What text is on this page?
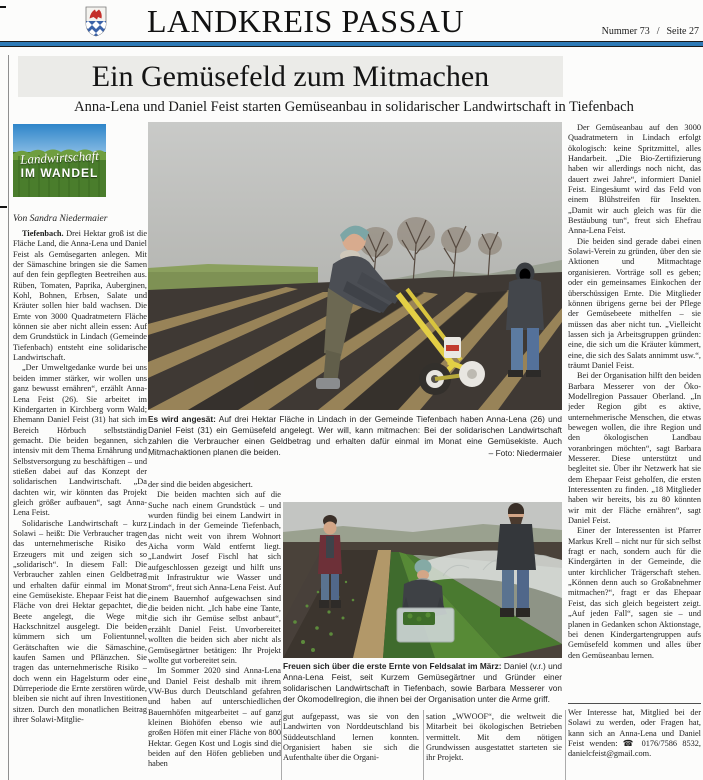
LANDKREIS PASSAU	Nummer 73 / Seite 27
Ein Gemüsefeld zum Mitmachen
Anna-Lena und Daniel Feist starten Gemüseanbau in solidarischer Landwirtschaft in Tiefenbach
Landwirtschaft
IM WANDEL
Von Sandra Niedermaier

Tiefenbach. Drei Hektar groß ist die Fläche Land, die Anna-Lena und Daniel Feist als Gemüsegarten anlegen. Mit der Sämaschine bringen sie die Samen auf den fein gepflegten Beetreihen aus. Rüben, Tomaten, Paprika, Auberginen, Kohl, Bohnen, Erbsen, Salate und Kräuter sollen hier bald wachsen. Die Ernte von 3000 Quadratmetern Fläche können sie aber nicht allein essen: Auf dem Grundstück in Lindach (Gemeinde Tiefenbach) entsteht eine solidarische Landwirtschaft.

„Der Umweltgedanke wurde bei uns beiden immer stärker, wir wollen uns ganz bewusst ernähren“, erzählt Anna-Lena Feist (26). Sie arbeitet im Kindergarten in Kirchberg vorm Wald; Ehemann Daniel Feist (31) hat sich im Bereich Hörbuch selbstständig gemacht. Die beiden begannen, sich intensiv mit dem Thema Ernährung und Selbstversorgung zu beschäftigen – und stießen dabei auf das Konzept der solidarischen Landwirtschaft. „Da dachten wir, wir könnten das Projekt gleich größer aufbauen“, sagt Anna-Lena Feist.

Solidarische Landwirtschaft – kurz Solawi – heißt: Die Verbraucher tragen das unternehmerische Risiko des Erzeugers mit und zeigen sich so „solidarisch“. In diesem Fall: Die Verbraucher zahlen einen Geldbetrag und erhalten dafür einmal im Monat eine Gemüsekiste. Ehepaar Feist hat die Fläche von drei Hektar gepachtet, die Beete angelegt, die Wege mit Hackschnitzel ausgelegt. Die beiden kümmern sich um Folientunnel, Gerätschaften wie die Sämaschine, kaufen Samen und Pflänzchen. Sie tragen das unternehmerische Risiko – doch wenn ein Hagelsturm oder eine Dürreperiode die Ernte zerstören würde, bleiben sie nicht auf ihren Investitionen sitzen. Durch den monatlichen Beitrag ihrer Solawi-Mitglie-

Es wird angesät: Auf drei Hektar Fläche in Lindach in der Gemeinde Tiefenbach haben Anna-Lena (26) und Daniel Feist (31) ein Gemüsefeld angelegt. Wer will, kann mitmachen: Bei der solidarischen Landwirtschaft zahlen die Verbraucher einen Geldbetrag und erhalten dafür einmal im Monat eine Gemüsekiste. Auch Mitmachaktionen planen die beiden.	– Foto: Niedermaier

der sind die beiden abgesichert.

Die beiden machten sich auf die Suche nach einem Grundstück – und wurden fündig bei einem Landwirt in Lindach in der Gemeinde Tiefenbach, das nicht weit von ihrem Wohnort Aicha vorm Wald entfernt liegt. „Landwirt Josef Fischl hat sich aufgeschlossen gezeigt und hilft uns mit Infrastruktur wie Wasser und Strom“, freut sich Anna-Lena Feist. Auf einem Bauernhof aufgewachsen sind die beiden nicht. „Ich habe eine Tante, die sich ihr Gemüse selbst anbaut“, erzählt Daniel Feist. Unvorbereitet wollten die beiden sich aber nicht als Gemüsegärtner betätigen: Ihr Projekt wollte gut vorbereitet sein.

Im Sommer 2020 sind Anna-Lena und Daniel Feist deshalb mit ihrem VW-Bus durch Deutschland gefahren und haben auf unterschiedlichen Bauernhöfen mitgearbeitet – auf ganz kleinen Biohöfen ebenso wie auf großen Höfen mit einer Fläche von 800 Hektar. Gegen Kost und Logis sind die beiden auf den Höfen geblieben und haben

Freuen sich über die erste Ernte von Feldsalat im März: Daniel (v.r.) und Anna-Lena Feist, seit Kurzem Gemüsegärtner und Gründer einer solidarischen Landwirtschaft in Tiefenbach, sowie Barbara Messerer von der Ökomodellregion, die ihnen bei der Organisation unter die Arme griff.

gut aufgepasst, was sie von den Landwirten von Norddeutschland bis Süddeutschland lernen konnten. Organisiert haben sie sich die Aufenthalte über die Organi-

sation „WWOOF“, die weltweit die Mitarbeit bei ökologischen Betrieben vermittelt. Mit dem nötigen Grundwissen ausgestattet starteten sie ihr Projekt.

Der Gemüseanbau auf den 3000 Quadratmetern in Lindach erfolgt ökologisch: keine Spritzmittel, alles Handarbeit. „Die Bio-Zertifizierung haben wir allerdings noch nicht, das dauert zwei Jahre“, informiert Daniel Feist. Eingesäumt wird das Feld von einem Blühstreifen für Insekten. „Damit wir auch gleich was für die Bestäubung tun“, freut sich Ehefrau Anna-Lena Feist.

Die beiden sind gerade dabei einen Solawi-Verein zu gründen, über den sie Aktionen und Mitmachtage organisieren. Vorträge soll es geben; oder ein gemeinsames Einkochen der überschüssigen Ernte. Die Mitglieder können übrigens gerne bei der Pflege der Gemüsebeete mithelfen – sie müssen das aber nicht tun. „Vielleicht lassen sich ja Arbeitsgruppen gründen: eine, die sich um die Kräuter kümmert, eine, die sich des Salats annimmt usw.“, träumt Daniel Feist.

Bei der Organisation hilft den beiden Barbara Messerer von der Öko-Modellregion Passauer Oberland. „In jeder Region gibt es aktive, unternehmerische Menschen, die etwas bewegen wollen, die ihre Region und den ökologischen Landbau voranbringen möchten“, sagt Barbara Messerer. Diese unterstützt und begleitet sie. Über ihr Netzwerk hat sie dem Ehepaar Feist geholfen, die ersten Interessenten zu finden. „18 Mitglieder haben wir bereits, bis zu 80 könnten wir mit der Fläche ernähren“, sagt Daniel Feist.

Einer der Interessenten ist Pfarrer Markus Krell – nicht nur für sich selbst fragt er nach, sondern auch für die Kindergärten in der Gemeinde, die unter kirchlicher Trägerschaft stehen. „Können denn auch so Großabnehmer mitmachen?“, fragt er das Ehepaar Feist, das sich gleich begeistert zeigt. „Auf jeden Fall“, sagen sie – und planen in Gedanken schon Aktionstage, bei denen Kindergartengruppen aufs Gemüsefeld kommen und alles über den Gemüseanbau lernen.

Wer Interesse hat, Mitglied bei der Solawi zu werden, oder Fragen hat, kann sich an Anna-Lena und Daniel Feist wenden: ☎ 0176/7586 8532, danielcfeist@gmail.com.
